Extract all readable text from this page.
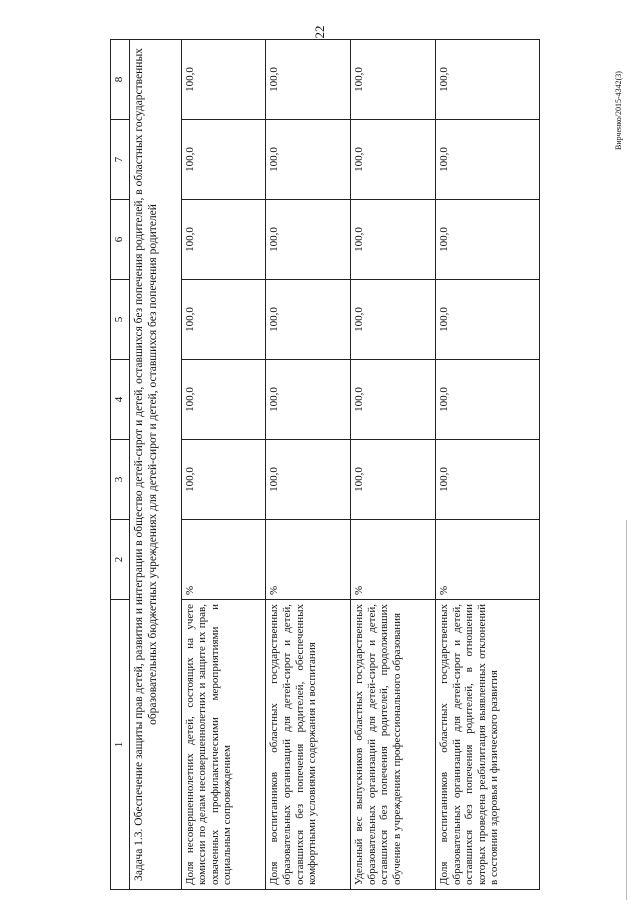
22
Вирченко/2015-4342(3)
1	2	3	4	5	6	7	8
Задача 1.3. Обеспечение защиты прав детей, развития и интеграции в общество детей-сирот и детей, оставшихся без попечения родителей, в областных государственных образовательных бюджетных учреждениях для детей-сирот и детей, оставшихся без попечения родителей							
Доля несовершеннолетних детей, состоящих на учете комиссии по делам несовершеннолетних и защите их прав, охваченных профилактическими мероприятиями и социальным сопровождением	%	100,0	100,0	100,0	100,0	100,0	100,0
Доля воспитанников областных государственных образовательных организаций для детей-сирот и детей, оставшихся без попечения родителей, обеспеченных комфортными условиями содержания и воспитания	%	100,0	100,0	100,0	100,0	100,0	100,0
Удельный вес выпускников областных государственных образовательных организаций для детей-сирот и детей, оставшихся без попечения родителей, продолживших обучение в учреждениях профессионального образования	%	100,0	100,0	100,0	100,0	100,0	100,0
Доля воспитанников областных государственных образовательных организаций для детей-сирот и детей, оставшихся без попечения родителей, в отношении которых проведена реабилитация выявленных отклонений в состоянии здоровья и физического развития	%	100,0	100,0	100,0	100,0	100,0	100,0
